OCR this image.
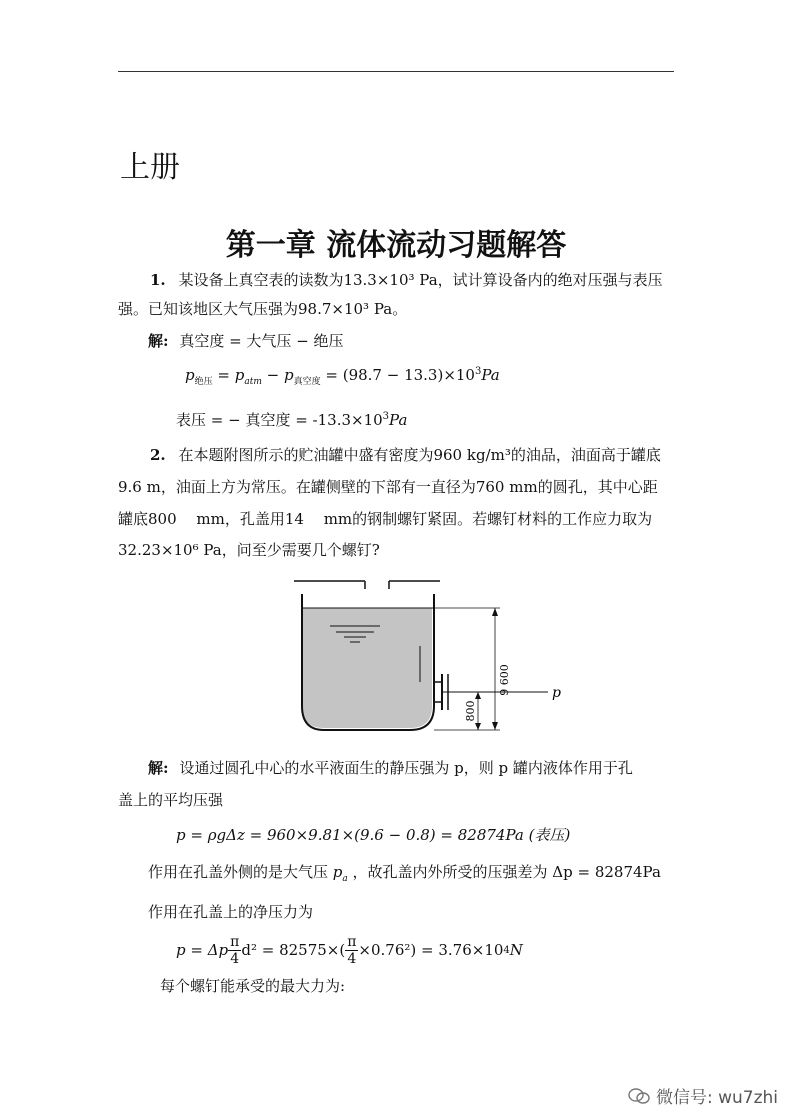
上册
第一章 流体流动习题解答
1. 某设备上真空表的读数为13.3×10³ Pa，试计算设备内的绝对压强与表压
强。已知该地区大气压强为98.7×10³ Pa。
解: 真空度 = 大气压 − 绝压
$p_{绝压} = p_{atm} - p_{真空度} = (98.7 - 13.3)\times 10^3Pa$
表压 = − 真空度 = $-13.3\times 10^3Pa$
2. 在本题附图所示的贮油罐中盛有密度为960 kg/m³的油品，油面高于罐底
9.6 m，油面上方为常压。在罐侧壁的下部有一直径为760 mm的圆孔，其中心距
罐底800　 mm，孔盖用14　 mm的钢制螺钉紧固。若螺钉材料的工作应力取为
32.23×10⁶ Pa，问至少需要几个螺钉?
9 600
800
p
解: 设通过圆孔中心的水平液面生的静压强为 p，则 p 罐内液体作用于孔
盖上的平均压强
p = ρgΔz = 960×9.81×(9.6 − 0.8) = 82874Pa (表压)
作用在孔盖外侧的是大气压 $p_a$ ，故孔盖内外所受的压强差为 Δp = 82874Pa
作用在孔盖上的净压力为
p = Δp $\frac{\pi}{4} d^2 = 82575\times( \frac{\pi}{4} \times 0.76^2) = 3.76\times 10$ 4 N
每个螺钉能承受的最大力为:
微信号: wu7zhi
